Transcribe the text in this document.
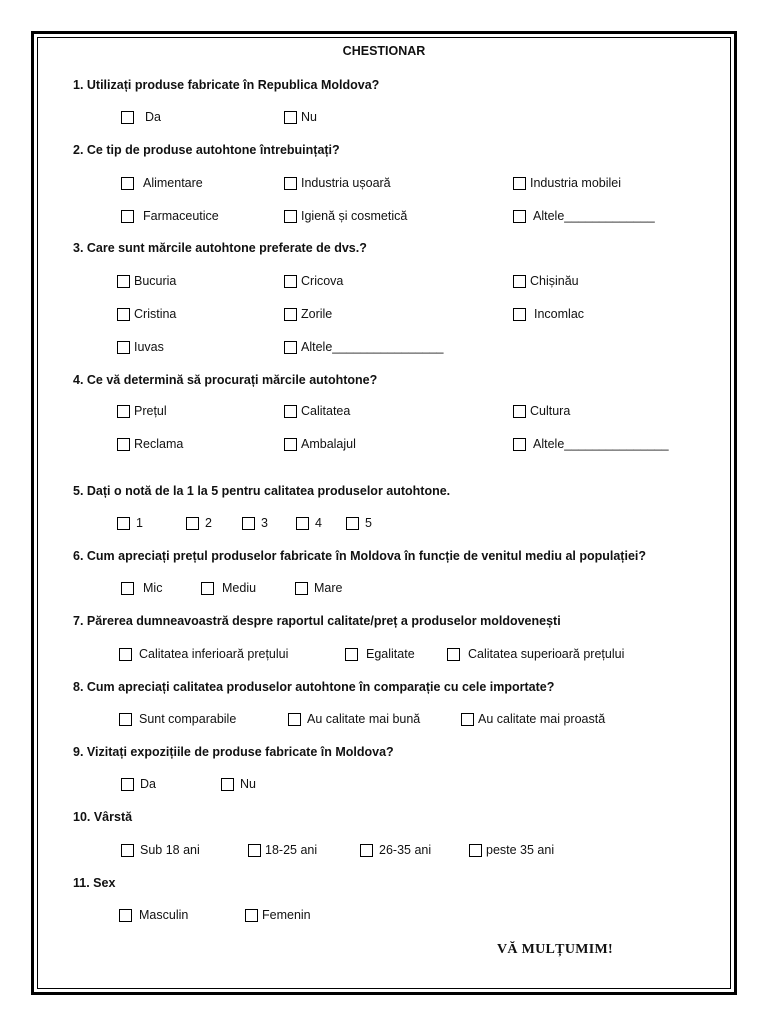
CHESTIONAR
1. Utilizați produse fabricate în Republica Moldova?
Da	Nu
2. Ce tip de produse autohtone întrebuințați?
Alimentare	Industria ușoară	Industria mobilei
Farmaceutice	Igienă și cosmetică	Altele_____________
3. Care sunt mărcile autohtone preferate de dvs.?
Bucuria	Cricova	Chișinău
Cristina	Zorile	Incomlac
Iuvas	Altele________________
4. Ce vă determină să procurați mărcile autohtone?
Prețul	Calitatea	Cultura
Reclama	Ambalajul	Altele_______________
5. Dați o notă de la 1 la 5 pentru calitatea produselor autohtone.
1	2	3	4	5
6. Cum apreciați prețul produselor fabricate în Moldova în funcție de venitul mediu al populației?
Mic	Mediu	Mare
7. Părerea dumneavoastră despre raportul calitate/preț a produselor moldovenești
Calitatea inferioară prețului	Egalitate	Calitatea superioară prețului
8. Cum apreciați calitatea produselor autohtone în comparație cu cele importate?
Sunt comparabile	Au calitate mai bună	Au calitate mai proastă
9. Vizitați expozițiile de produse fabricate în Moldova?
Da	Nu
10. Vârstă
Sub 18 ani	18-25 ani	26-35 ani	peste 35 ani
11. Sex
Masculin	Femenin
VĂ MULȚUMIM!
